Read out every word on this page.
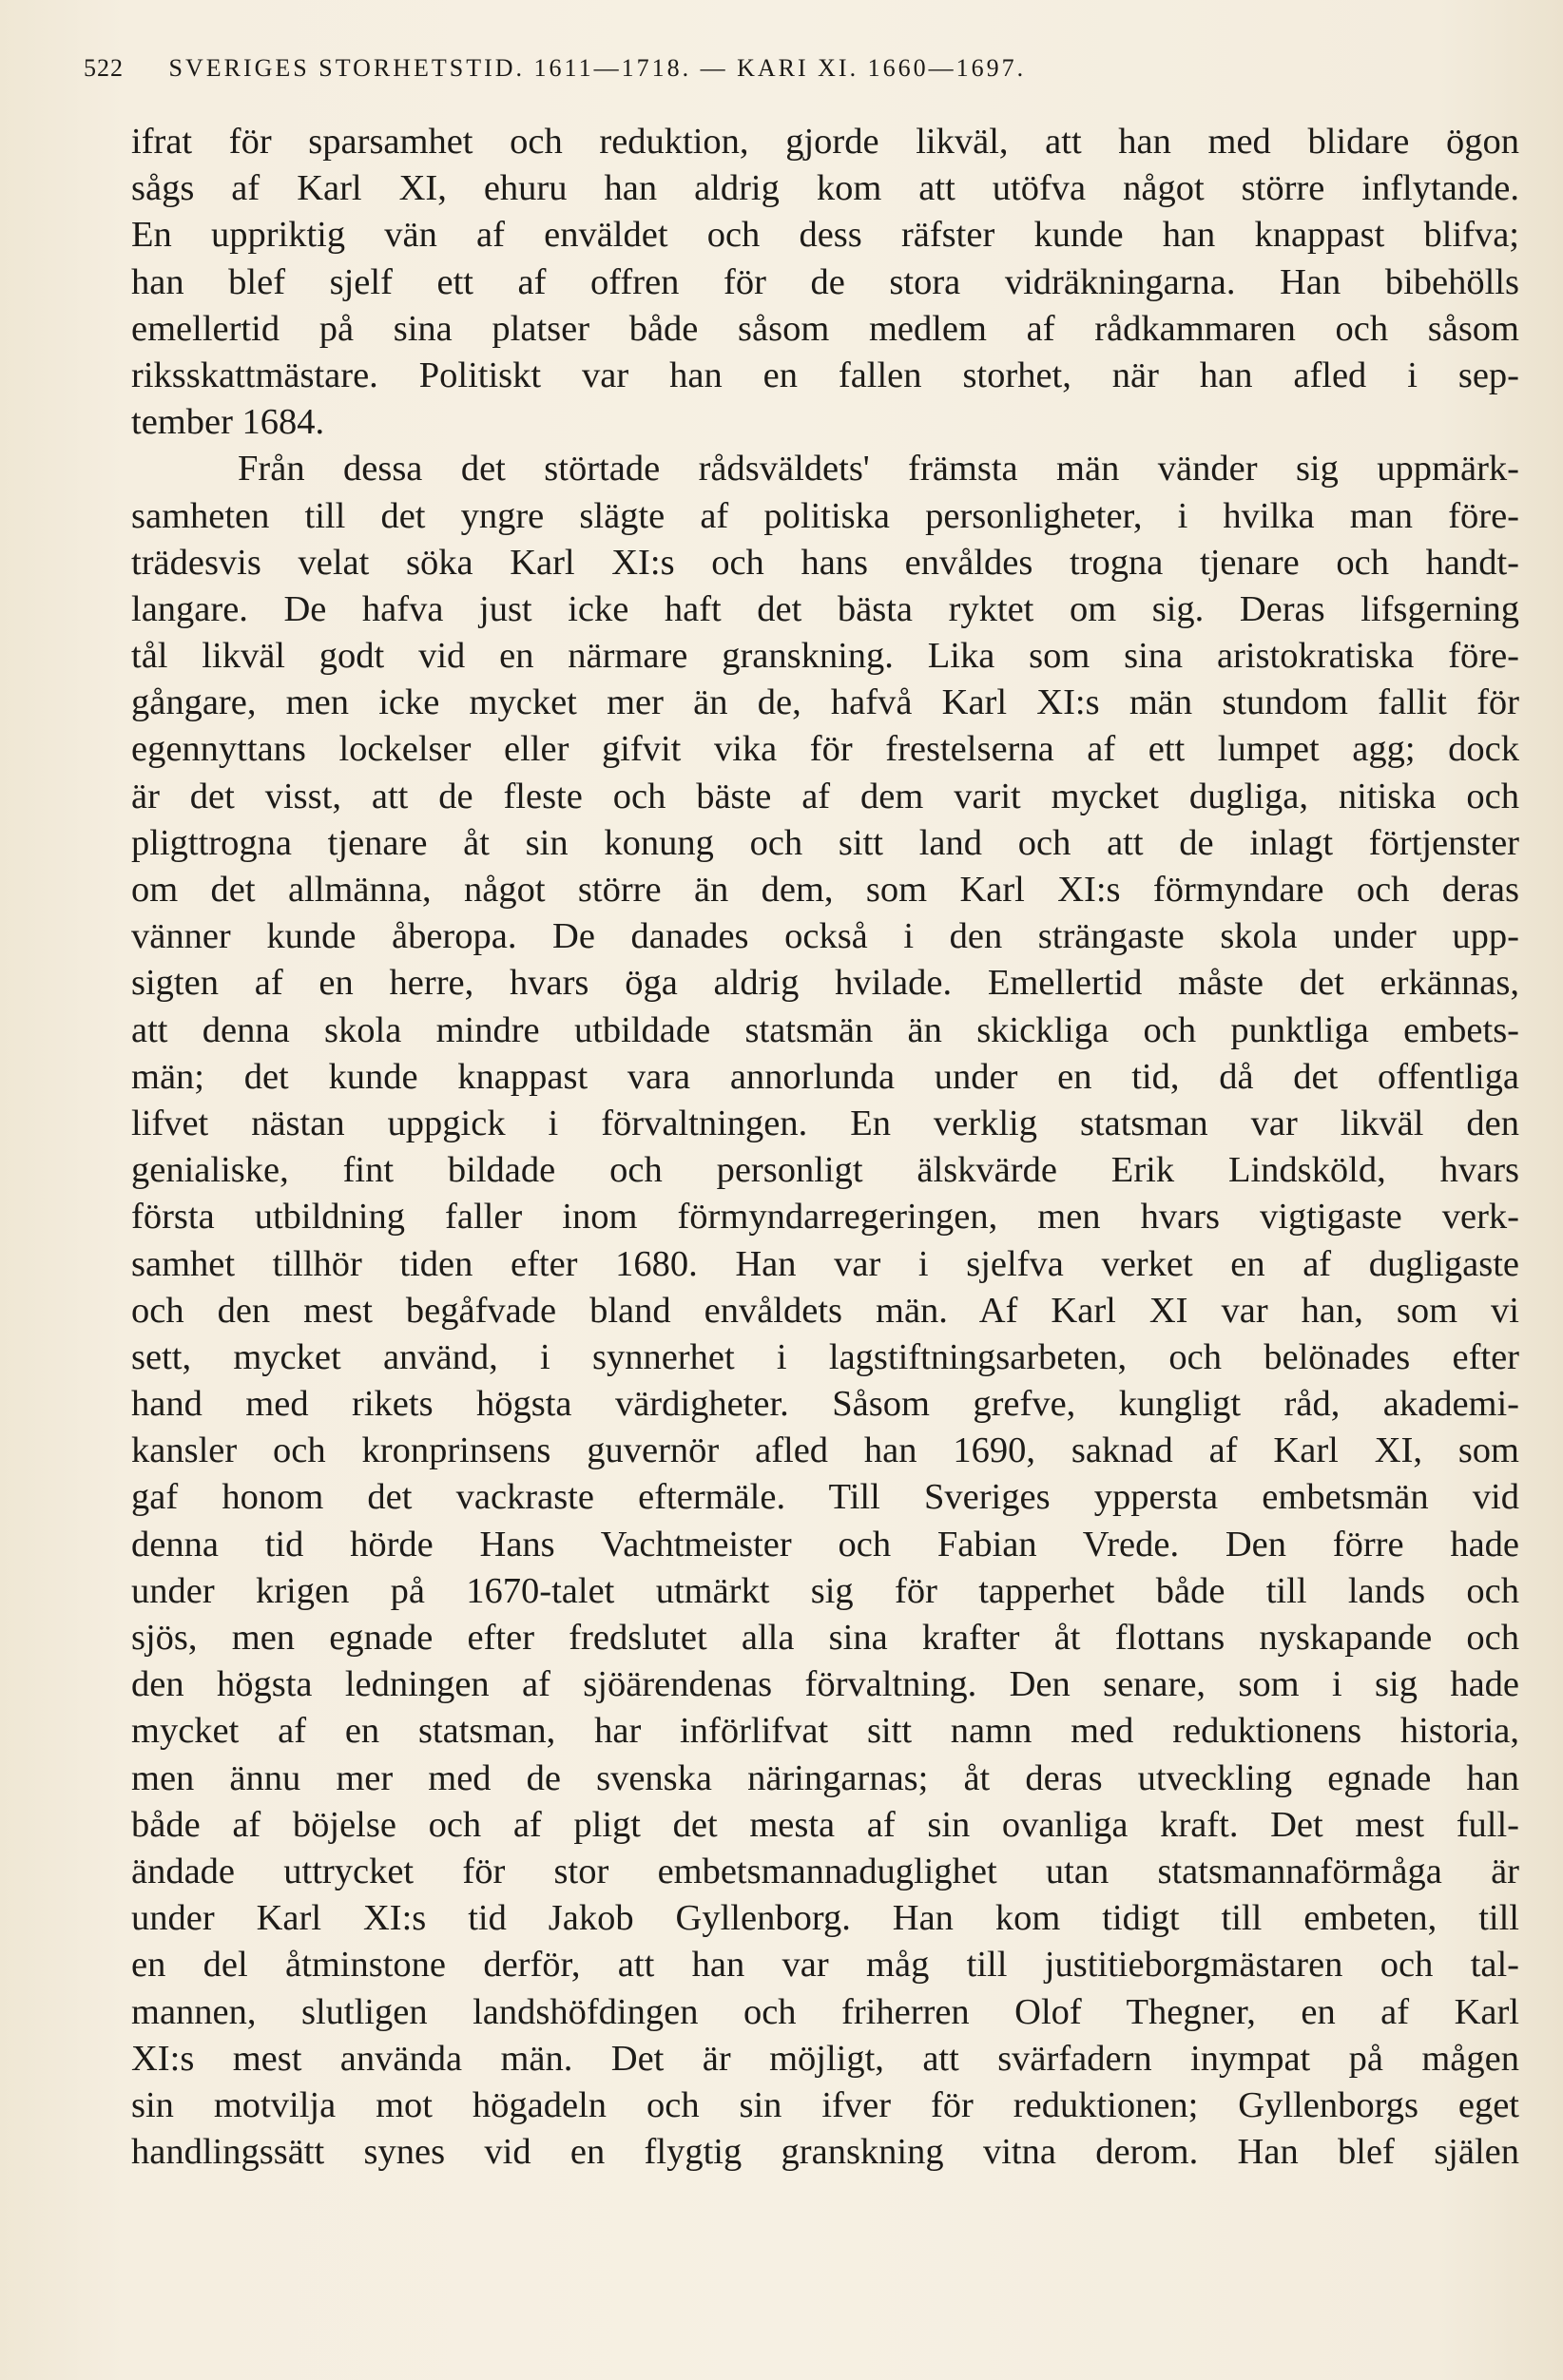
522 SVERIGES STORHETSTID. 1611—1718. — KARI XI. 1660—1697.
ifrat för sparsamhet och reduktion, gjorde likväl, att han med blidare ögon
sågs af Karl XI, ehuru han aldrig kom att utöfva något större inflytande.
En uppriktig vän af enväldet och dess räfster kunde han knappast blifva;
han blef sjelf ett af offren för de stora vidräkningarna. Han bibehölls
emellertid på sina platser både såsom medlem af rådkammaren och såsom
riksskattmästare. Politiskt var han en fallen storhet, när han afled i sep-
tember 1684.
Från dessa det störtade rådsväldets' främsta män vänder sig uppmärk-
samheten till det yngre slägte af politiska personligheter, i hvilka man före-
trädesvis velat söka Karl XI:s och hans envåldes trogna tjenare och handt-
langare. De hafva just icke haft det bästa ryktet om sig. Deras lifsgerning
tål likväl godt vid en närmare granskning. Lika som sina aristokratiska före-
gångare, men icke mycket mer än de, hafvå Karl XI:s män stundom fallit för
egennyttans lockelser eller gifvit vika för frestelserna af ett lumpet agg; dock
är det visst, att de fleste och bäste af dem varit mycket dugliga, nitiska och
pligttrogna tjenare åt sin konung och sitt land och att de inlagt förtjenster
om det allmänna, något större än dem, som Karl XI:s förmyndare och deras
vänner kunde åberopa. De danades också i den strängaste skola under upp-
sigten af en herre, hvars öga aldrig hvilade. Emellertid måste det erkännas,
att denna skola mindre utbildade statsmän än skickliga och punktliga embets-
män; det kunde knappast vara annorlunda under en tid, då det offentliga
lifvet nästan uppgick i förvaltningen. En verklig statsman var likväl den
genialiske, fint bildade och personligt älskvärde Erik Lindsköld, hvars
första utbildning faller inom förmyndarregeringen, men hvars vigtigaste verk-
samhet tillhör tiden efter 1680. Han var i sjelfva verket en af dugligaste
och den mest begåfvade bland envåldets män. Af Karl XI var han, som vi
sett, mycket använd, i synnerhet i lagstiftningsarbeten, och belönades efter
hand med rikets högsta värdigheter. Såsom grefve, kungligt råd, akademi-
kansler och kronprinsens guvernör afled han 1690, saknad af Karl XI, som
gaf honom det vackraste eftermäle. Till Sveriges yppersta embetsmän vid
denna tid hörde Hans Vachtmeister och Fabian Vrede. Den förre hade
under krigen på 1670-talet utmärkt sig för tapperhet både till lands och
sjös, men egnade efter fredslutet alla sina krafter åt flottans nyskapande och
den högsta ledningen af sjöärendenas förvaltning. Den senare, som i sig hade
mycket af en statsman, har införlifvat sitt namn med reduktionens historia,
men ännu mer med de svenska näringarnas; åt deras utveckling egnade han
både af böjelse och af pligt det mesta af sin ovanliga kraft. Det mest full-
ändade uttrycket för stor embetsmannaduglighet utan statsmannaförmåga är
under Karl XI:s tid Jakob Gyllenborg. Han kom tidigt till embeten, till
en del åtminstone derför, att han var måg till justitieborgmästaren och tal-
mannen, slutligen landshöfdingen och friherren Olof Thegner, en af Karl
XI:s mest använda män. Det är möjligt, att svärfadern inympat på mågen
sin motvilja mot högadeln och sin ifver för reduktionen; Gyllenborgs eget
handlingssätt synes vid en flygtig granskning vitna derom. Han blef själen
